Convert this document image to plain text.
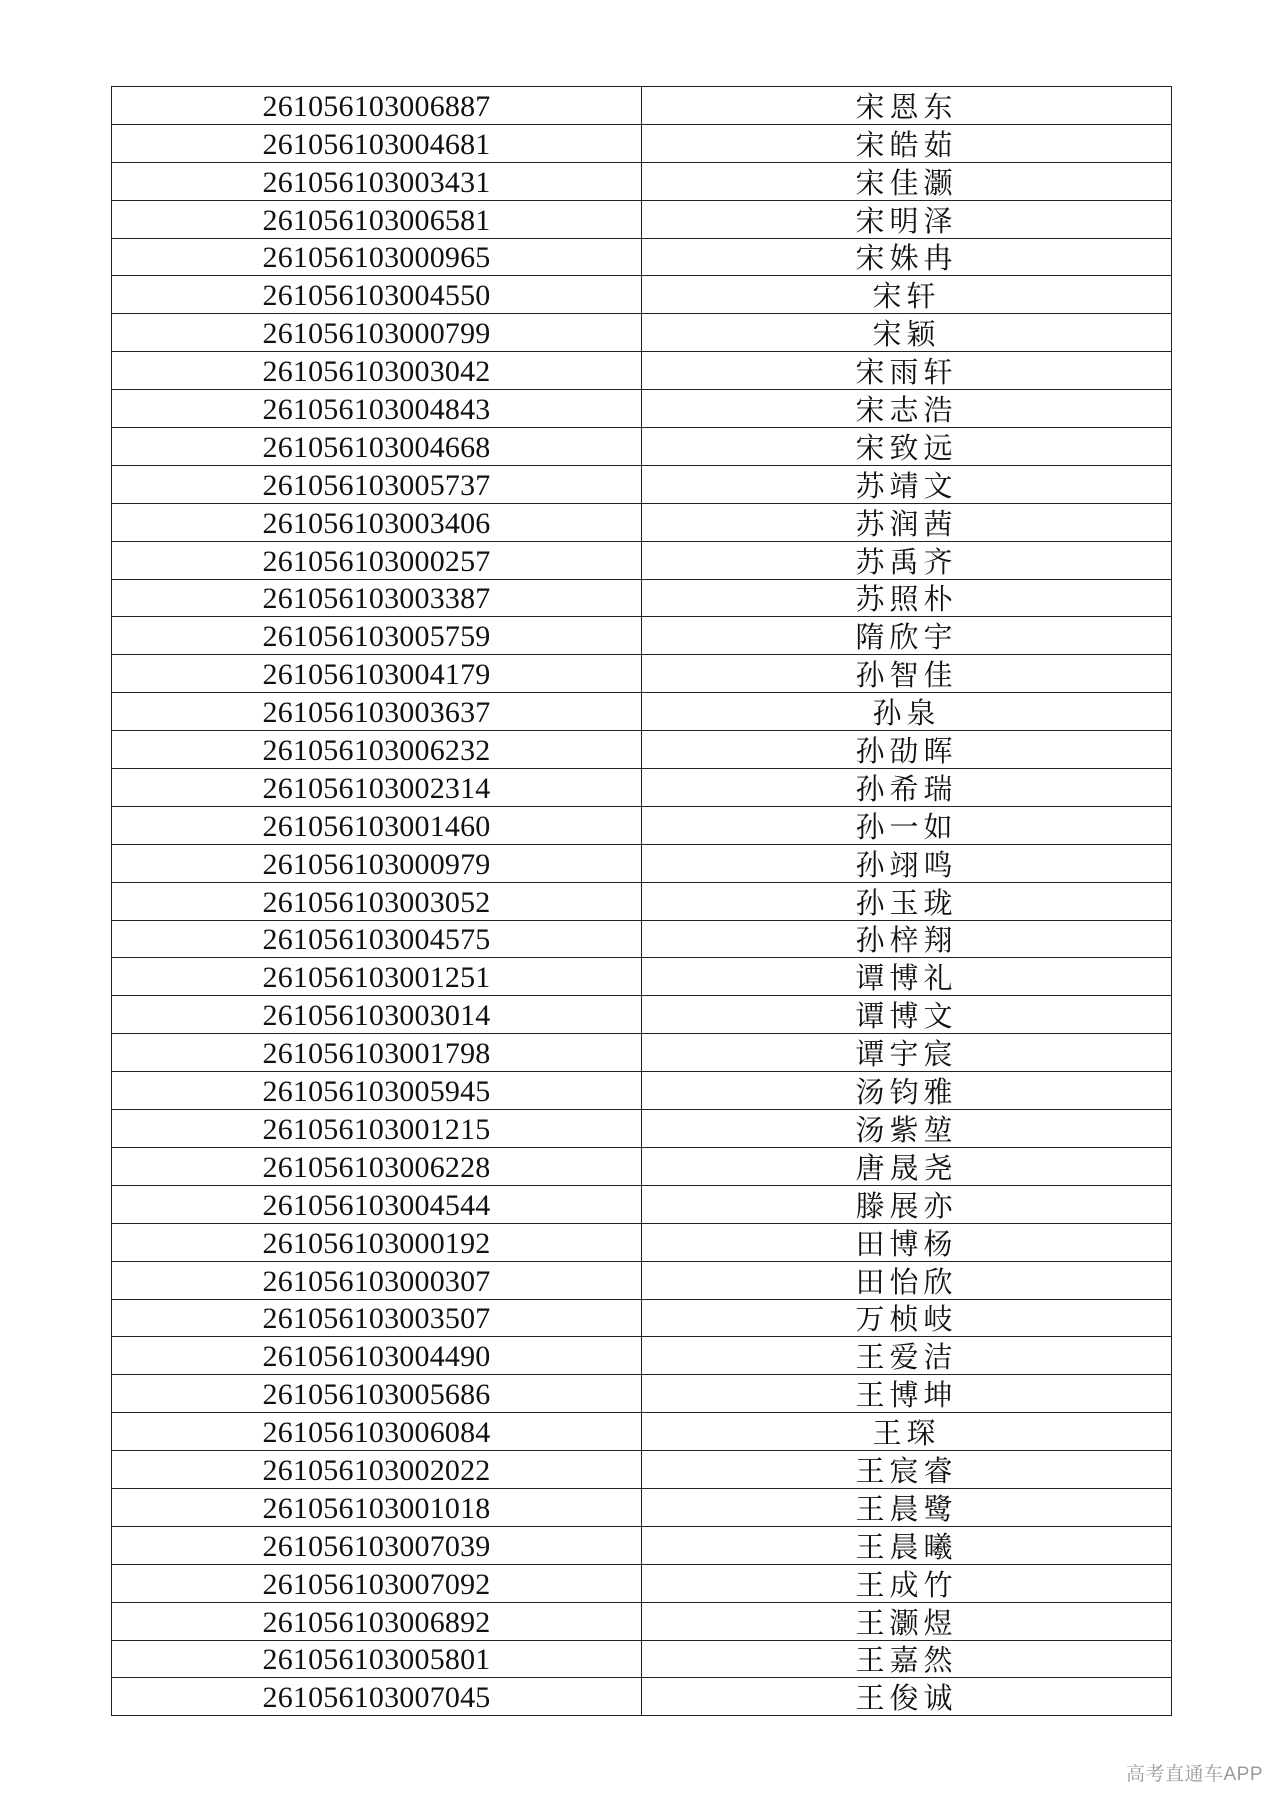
261056103006887	宋恩东
261056103004681	宋皓茹
261056103003431	宋佳灏
261056103006581	宋明泽
261056103000965	宋姝冉
261056103004550	宋轩
261056103000799	宋颖
261056103003042	宋雨轩
261056103004843	宋志浩
261056103004668	宋致远
261056103005737	苏靖文
261056103003406	苏润茜
261056103000257	苏禹齐
261056103003387	苏照朴
261056103005759	隋欣宇
261056103004179	孙智佳
261056103003637	孙泉
261056103006232	孙劭晖
261056103002314	孙希瑞
261056103001460	孙一如
261056103000979	孙翊鸣
261056103003052	孙玉珑
261056103004575	孙梓翔
261056103001251	谭博礼
261056103003014	谭博文
261056103001798	谭宇宸
261056103005945	汤钧雅
261056103001215	汤紫堃
261056103006228	唐晟尧
261056103004544	滕展亦
261056103000192	田博杨
261056103000307	田怡欣
261056103003507	万桢岐
261056103004490	王爱洁
261056103005686	王博坤
261056103006084	王琛
261056103002022	王宸睿
261056103001018	王晨鹭
261056103007039	王晨曦
261056103007092	王成竹
261056103006892	王灏煜
261056103005801	王嘉然
261056103007045	王俊诚
高考直通车APP
